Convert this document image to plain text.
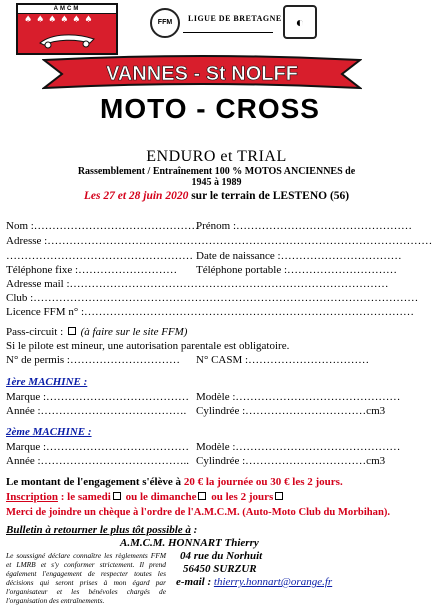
AMCM
♠♠♠♠♠♠	FFM	LIGUE DE BRETAGNE	◐
VANNES - St NOLFF
MOTO - CROSS
ENDURO et TRIAL
Rassemblement / Entraînement 100 % MOTOS ANCIENNES de
1945 à 1989
Les 27 et 28 juin 2020 sur le terrain de LESTENO (56)
Nom :………………………………………
Prénom :…………………………………………
Adresse :……………………………………………………………………………………………
…………………………………………… Date de naissance :……………………………
Téléphone fixe :……………………… Téléphone portable :…………………………
Adresse mail :……………………………………………………………………………
Club :……………………………………………………………………………………………
Licence FFM n° :………………………………………………………………………………
Pass-circuit : (à faire sur le site FFM)
Si le pilote est mineur, une autorisation parentale est obligatoire.
N° de permis :………………………… N° CASM :……………………………
1ère MACHINE :
Marque :………………………………… Modèle :………………………………………
Année :…………………………………. Cylindrée :……………………………cm3
2ème MACHINE :
Marque :………………………………… Modèle :………………………………………
Année :………………………………….. Cylindrée :……………………………cm3
Le montant de l'engagement s'élève à 20 € la journée ou 30 € les 2 jours.
Inscription : le samedi ou le dimanche ou les 2 jours
Merci de joindre un chèque à l'ordre de l'A.M.C.M. (Auto-Moto Club du Morbihan).
Bulletin à retourner le plus tôt possible à :
A.M.C.M. HONNART Thierry
04 rue du Norhuit
56450 SURZUR
e-mail : thierry.honnart@orange.fr
Le soussigné déclare connaître les règlements FFM et LMRB et s'y conformer strictement. Il prend également l'engagement de respecter toutes les décisions qui seront prises à mon égard par l'organisateur et les bénévoles chargés de l'organisation des entraînements.
